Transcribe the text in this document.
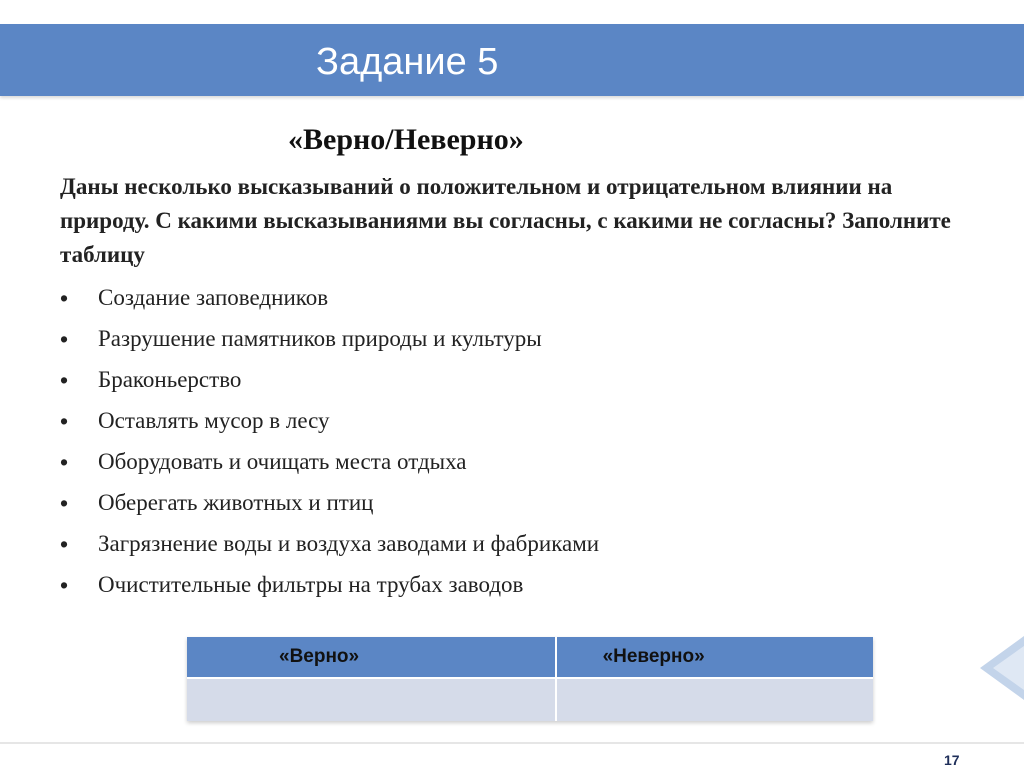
Задание 5
«Верно/Неверно»
Даны несколько высказываний о положительном и отрицательном влиянии на природу. С какими высказываниями вы согласны, с какими не согласны? Заполните таблицу
• Создание заповедников
• Разрушение памятников природы и культуры
• Браконьерство
• Оставлять мусор в лесу
• Оборудовать и очищать места отдыха
• Оберегать животных и птиц
• Загрязнение воды и воздуха заводами и фабриками
• Очистительные фильтры на трубах заводов
«Верно»	«Неверно»

17
